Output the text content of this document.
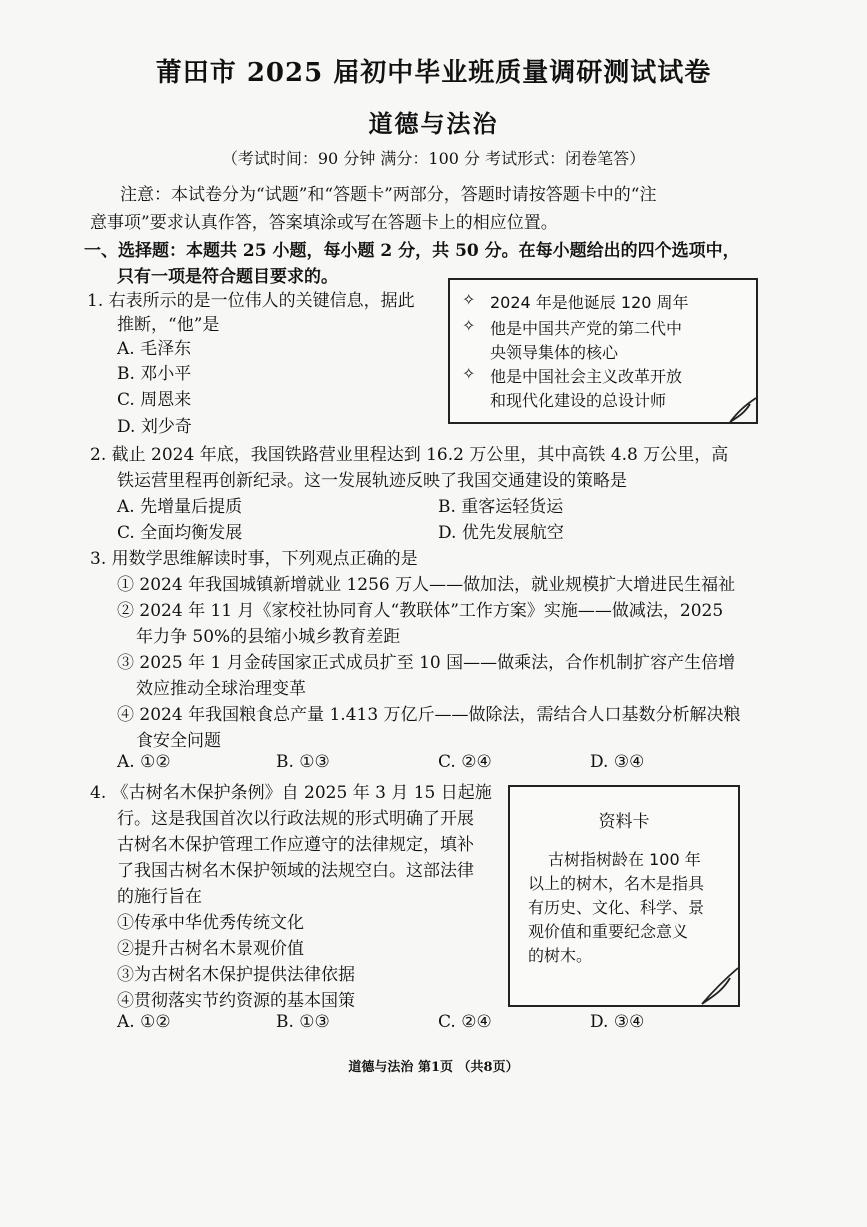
莆田市 2025 届初中毕业班质量调研测试试卷
道德与法治
（考试时间：90 分钟 满分：100 分 考试形式：闭卷笔答）
注意：本试卷分为“试题”和“答题卡”两部分，答题时请按答题卡中的“注
意事项”要求认真作答，答案填涂或写在答题卡上的相应位置。
一、选择题：本题共 25 小题，每小题 2 分，共 50 分。在每小题给出的四个选项中，
只有一项是符合题目要求的。
1. 右表所示的是一位伟人的关键信息，据此
推断，“他”是
A. 毛泽东
B. 邓小平
C. 周恩来
D. 刘少奇
✧ 2024 年是他诞辰 120 周年
✧ 他是中国共产党的第二代中
央领导集体的核心
✧ 他是中国社会主义改革开放
和现代化建设的总设计师
2. 截止 2024 年底，我国铁路营业里程达到 16.2 万公里，其中高铁 4.8 万公里，高
铁运营里程再创新纪录。这一发展轨迹反映了我国交通建设的策略是
A. 先增量后提质	B. 重客运轻货运
C. 全面均衡发展	D. 优先发展航空
3. 用数学思维解读时事，下列观点正确的是
① 2024 年我国城镇新增就业 1256 万人——做加法，就业规模扩大增进民生福祉
② 2024 年 11 月《家校社协同育人“教联体”工作方案》实施——做减法，2025
年力争 50%的县缩小城乡教育差距
③ 2025 年 1 月金砖国家正式成员扩至 10 国——做乘法，合作机制扩容产生倍增
效应推动全球治理变革
④ 2024 年我国粮食总产量 1.413 万亿斤——做除法，需结合人口基数分析解决粮
食安全问题
A. ①②	B. ①③	C. ②④	D. ③④
4. 《古树名木保护条例》自 2025 年 3 月 15 日起施
行。这是我国首次以行政法规的形式明确了开展
古树名木保护管理工作应遵守的法律规定，填补
了我国古树名木保护领域的法规空白。这部法律
的施行旨在
①传承中华优秀传统文化
②提升古树名木景观价值
③为古树名木保护提供法律依据
④贯彻落实节约资源的基本国策
A. ①②	B. ①③	C. ②④	D. ③④
资料卡
古树指树龄在 100 年
以上的树木，名木是指具
有历史、文化、科学、景
观价值和重要纪念意义
的树木。
道德与法治 第1页 （共8页）
